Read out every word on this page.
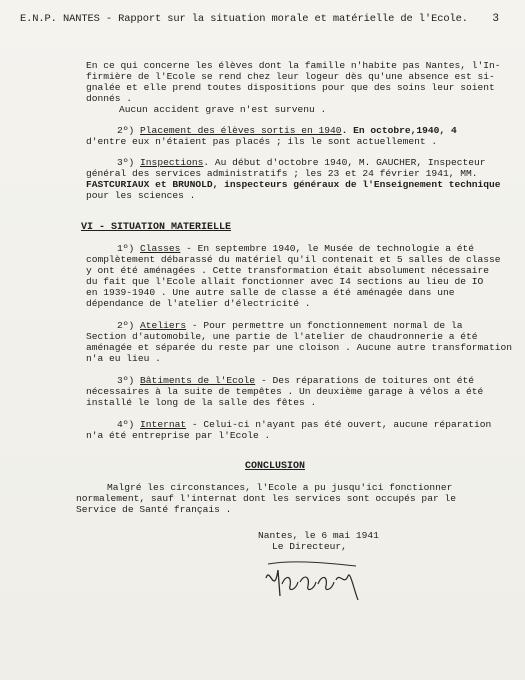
E.N.P. NANTES - Rapport sur la situation morale et matérielle de l'Ecole.	3
En ce qui concerne les élèves dont la famille n'habite pas Nantes, l'In-
firmière de l'Ecole se rend chez leur logeur dès qu'une absence est si-
gnalée et elle prend toutes dispositions pour que des soins leur soient
donnés .
Aucun accident grave n'est survenu .
2º) Placement des élèves sortis en 1940. En octobre,1940, 4
d'entre eux n'étaient pas placés ; ils le sont actuellement .
3º) Inspections. Au début d'octobre 1940, M. GAUCHER, Inspecteur
général des services administratifs ; les 23 et 24 février 1941, MM.
FASTCURIAUX et BRUNOLD, inspecteurs généraux de l'Enseignement technique
pour les sciences .
VI - SITUATION MATERIELLE
1º) Classes - En septembre 1940, le Musée de technologie a été
complètement débarassé du matériel qu'il contenait et 5 salles de classe
y ont été aménagées . Cette transformation était absolument nécessaire
du fait que l'Ecole allait fonctionner avec I4 sections au lieu de IO
en 1939-1940 . Une autre salle de classe a été aménagée dans une
dépendance de l'atelier d'électricité .
2º) Ateliers - Pour permettre un fonctionnement normal de la
Section d'automobile, une partie de l'atelier de chaudronnerie a été
aménagée et séparée du reste par une cloison . Aucune autre transformation
n'a eu lieu .
3º) Bâtiments de l'Ecole - Des réparations de toitures ont été
nécessaires à la suite de tempêtes . Un deuxième garage à vélos a été
installé le long de la salle des fêtes .
4º) Internat - Celui-ci n'ayant pas été ouvert, aucune réparation
n'a été entreprise par l'Ecole .
CONCLUSION
Malgré les circonstances, l'Ecole a pu jusqu'ici fonctionner
normalement, sauf l'internat dont les services sont occupés par le
Service de Santé français .
Nantes, le 6 mai 1941
Le Directeur,
